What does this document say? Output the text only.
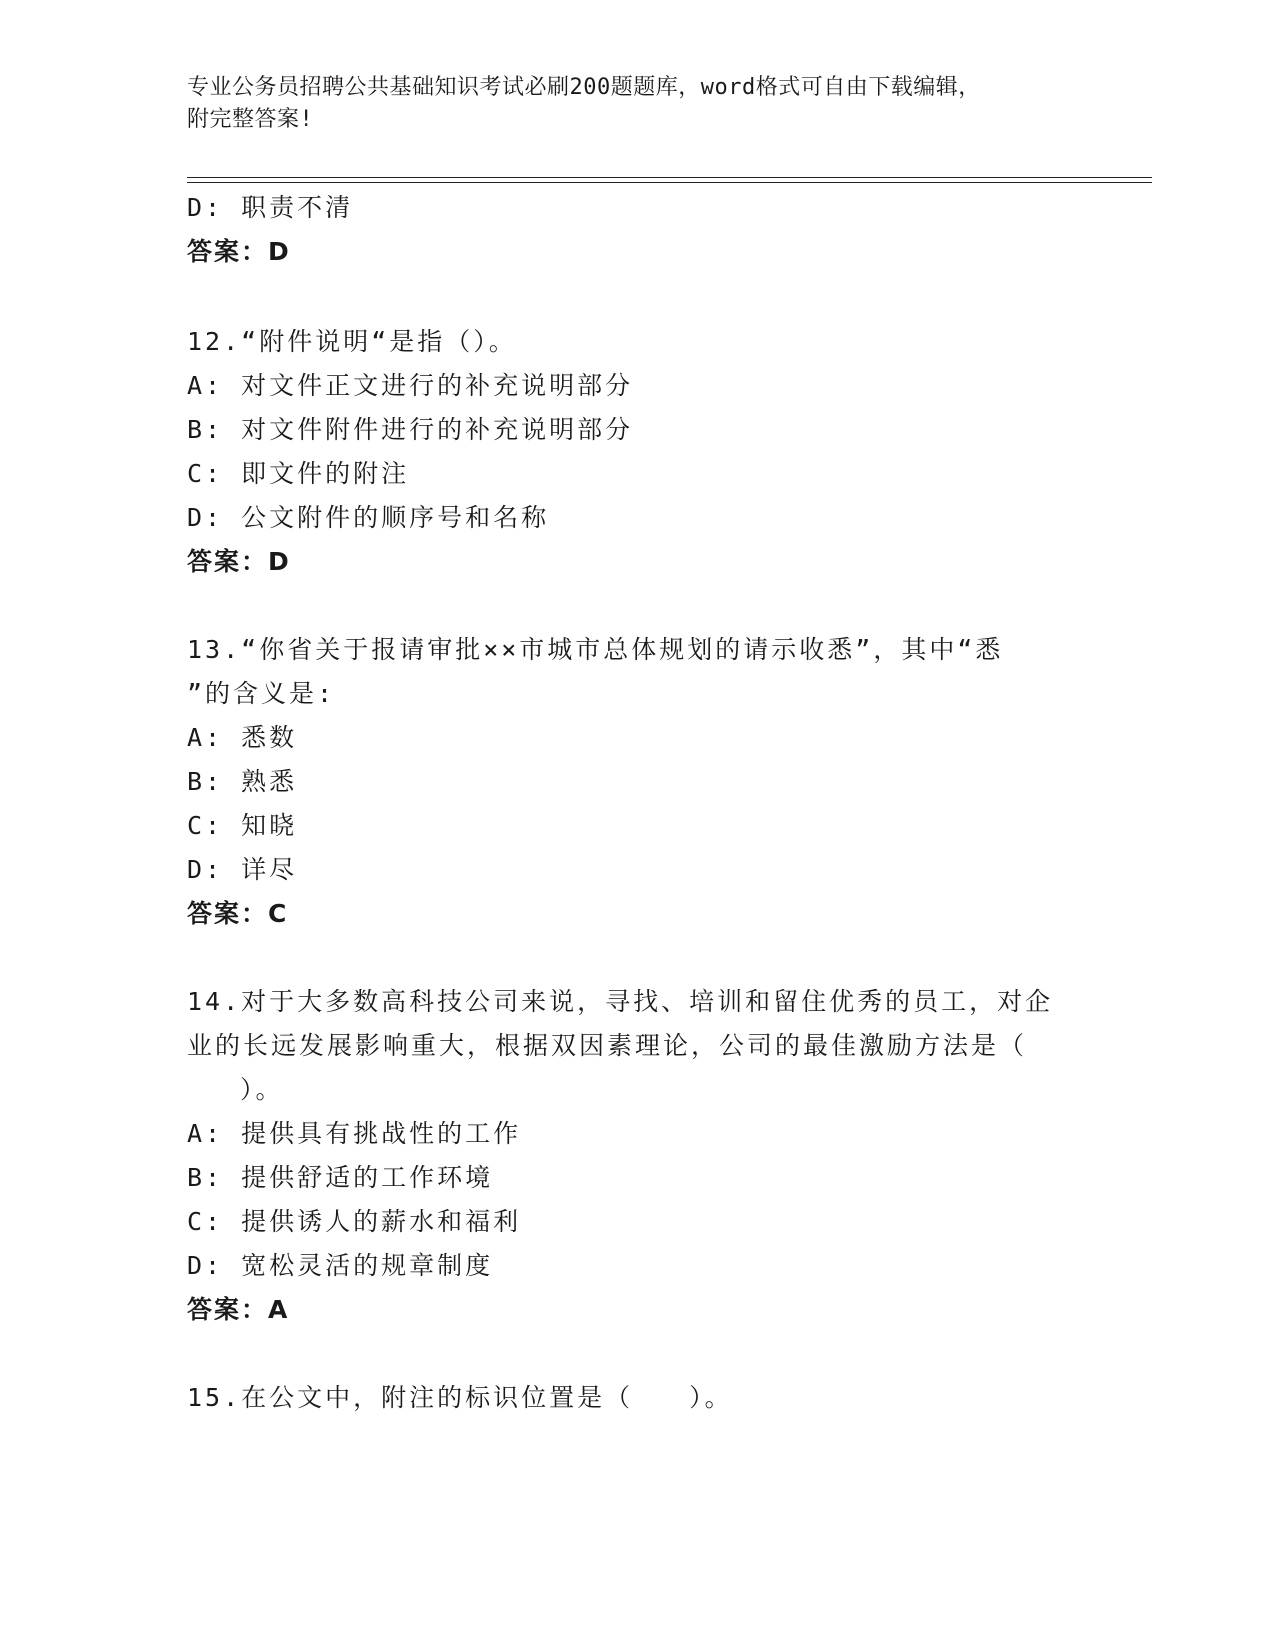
专业公务员招聘公共基础知识考试必刷200题题库，word格式可自由下载编辑，
附完整答案!
D: 职责不清
答案：D
12.“附件说明“是指（）。
A: 对文件正文进行的补充说明部分
B: 对文件附件进行的补充说明部分
C: 即文件的附注
D: 公文附件的顺序号和名称
答案：D
13.“你省关于报请审批××市城市总体规划的请示收悉”，其中“悉
”的含义是:
A: 悉数
B: 熟悉
C: 知晓
D: 详尽
答案：C
14.对于大多数高科技公司来说，寻找、培训和留住优秀的员工，对企
业的长远发展影响重大，根据双因素理论，公司的最佳激励方法是（
）。
A: 提供具有挑战性的工作
B: 提供舒适的工作环境
C: 提供诱人的薪水和福利
D: 宽松灵活的规章制度
答案：A
15.在公文中，附注的标识位置是（　　）。
